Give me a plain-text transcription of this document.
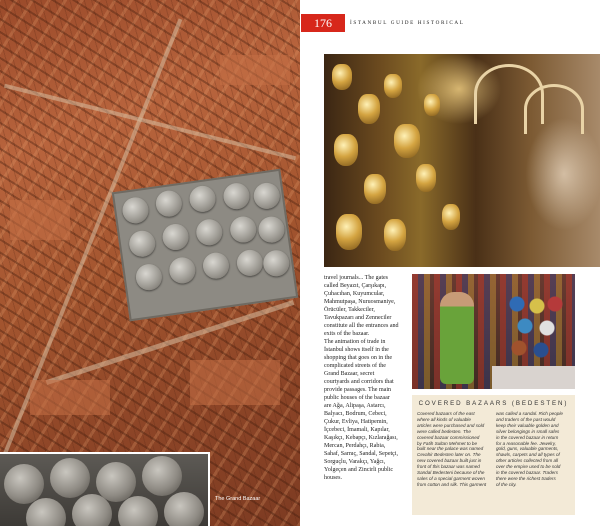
The Grand Bazaar
176	İSTANBUL GUIDE HISTORICAL
travel journals... The gates
called Beyazıt, Çarşıkapı,
Çuhacıhan, Kuyumcular,
Mahmutpaşa, Nuruosmaniye,
Örücüler, Takkeciler,
Tavukpazarı and Zenneciler
constitute all the entrances and
exits of the bazaar.
The animation of trade in
İstanbul shows itself in the
shopping that goes on in the
complicated streets of the
Grand Bazaar, secret
courtyards and corridors that
provide passages. The main
public houses of the bazaar
are Ağa, Alipaşa, Astarcı,
Balyacı, Bodrum, Cebeci,
Çukur, Evliya, Hatipemin,
İçcebeci, İmamali, Kapılar,
Kaşıkçı, Kebapçı, Kızlarağası,
Mercan, Perdahçı, Rabia,
Sahaf, Sarnıç, Sandal, Sepetçi,
Sorguçlu, Varakçı, Yağcı,
Yolgeçen and Zincirli public
houses.
COVERED BAZAARS (BEDESTEN)
Covered bazaars of the east
where all kinds of valuable
articles were purchased and sold
were called bedesten. The
covered bazaar commissioned
by Fatih Sultan Mehmet to be
built near the palace was named
Cevahir Bedesten later on. The
new covered bazaar built just in
front of this bazaar was named
Sandal Bedesteni because of the
sales of a special garment woven
from cotton and silk. This garment
was called a sandal. Rich people
and traders of the past would
keep their valuable golden and
silver belongings in small safes
in the covered bazaar in return
for a reasonable fee. Jewelry,
gold, guns, valuable garments,
shawls, carpets and all types of
other articles collected from all
over the empire used to be sold
in the covered bazaar. Traders
there were the richest traders
of the city.
